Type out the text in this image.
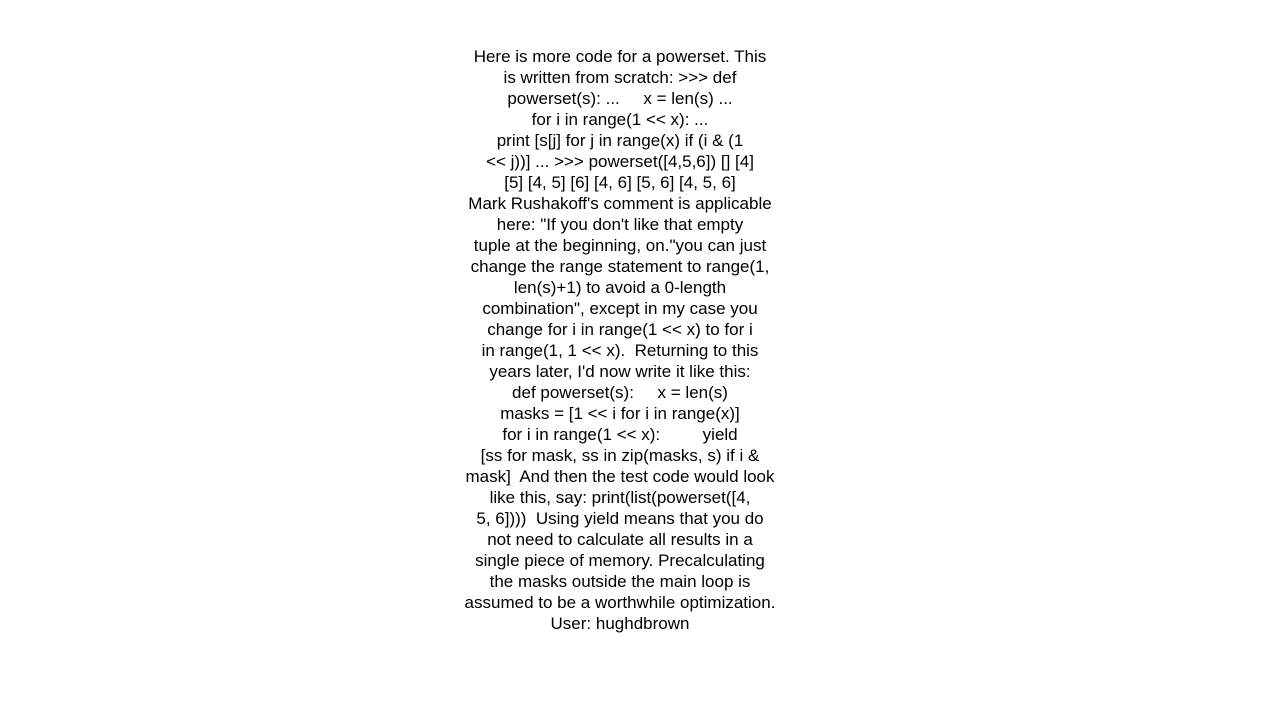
Here is more code for a powerset. This
is written from scratch: >>> def
powerset(s): ...     x = len(s) ...
for i in range(1 << x): ...
print [s[j] for j in range(x) if (i & (1
<< j))] ... >>> powerset([4,5,6]) [] [4]
[5] [4, 5] [6] [4, 6] [5, 6] [4, 5, 6]
Mark Rushakoff's comment is applicable
here: "If you don't like that empty
tuple at the beginning, on."you can just
change the range statement to range(1,
len(s)+1) to avoid a 0-length
combination", except in my case you
change for i in range(1 << x) to for i
in range(1, 1 << x).  Returning to this
years later, I'd now write it like this:
def powerset(s):     x = len(s)
masks = [1 << i for i in range(x)]
for i in range(1 << x):         yield
[ss for mask, ss in zip(masks, s) if i &
mask]  And then the test code would look
like this, say: print(list(powerset([4,
5, 6])))  Using yield means that you do
not need to calculate all results in a
single piece of memory. Precalculating
the masks outside the main loop is
assumed to be a worthwhile optimization.
User: hughdbrown
